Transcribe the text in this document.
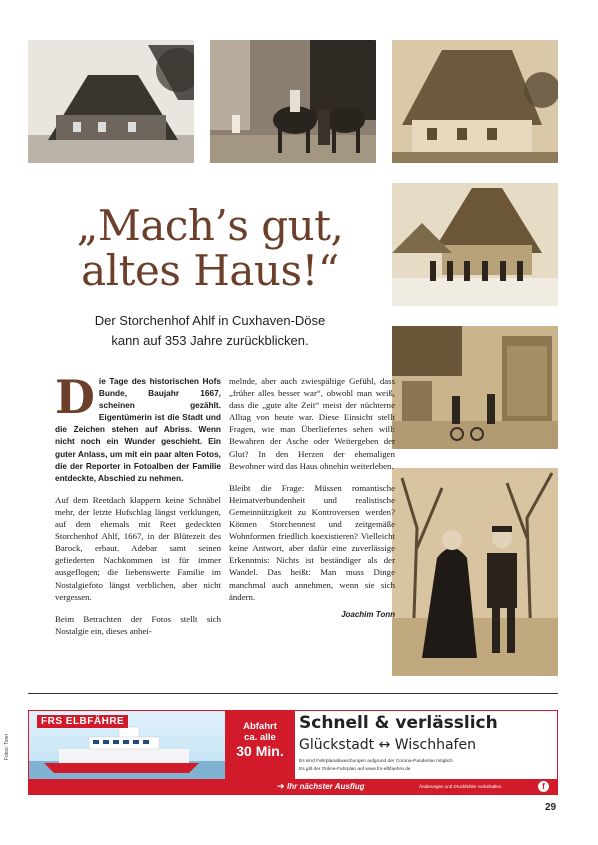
„Mach’s gut,
altes Haus!“
Der Storchenhof Ahlf in Cuxhaven-Döse
kann auf 353 Jahre zurückblicken.

Die Tage des historischen Hofs Bunde, Baujahr 1667, scheinen gezählt. Eigentümerin ist die Stadt und die Zeichen stehen auf Abriss. Wenn nicht noch ein Wunder geschieht. Ein guter Anlass, um mit ein paar alten Fotos, die der Reporter in Fotoalben der Familie entdeckte, Abschied zu nehmen.

Auf dem Reetdach klappern keine Schnäbel mehr, der letzte Hufschlag längst verklungen, auf dem ehemals mit Reet gedeckten Storchenhof Ahlf, 1667, in der Blütezeit des Barock, erbaut. Adebar samt seinen gefiederten Nachkommen ist für immer ausgeflogen; die liebenswerte Familie im Nostalgiefoto längst verblichen, aber nicht vergessen.

Beim Betrachten der Fotos stellt sich Nostalgie ein, dieses anhei-

melnde, aber auch zwiespältige Gefühl, dass „früher alles besser war“, obwohl man weiß, dass die „gute alte Zeit“ meist der nüchterne Alltag von heute war. Diese Einsicht stellt Fragen, wie man Überliefertes sehen will: Bewahren der Asche oder Weitergeben der Glut? In den Herzen der ehemaligen Bewohner wird das Haus ohnehin weiterleben.

Bleibt die Frage: Müssen romantische Heimatverbundenheit und realistische Gemeinnützigkeit zu Kontroversen werden? Können Storchennest und zeitgemäße Wohnformen friedlich koexistieren? Vielleicht keine Antwort, aber dafür eine zuverlässige Erkenntnis: Nichts ist beständiger als der Wandel. Das heißt: Man muss Dinge manchmal auch annehmen, wenn sie sich ändern.

Joachim Tonn
Fotos: Tonn
FRS ELBFÄHRE	Abfahrt
ca. alle
30 Min.
Schnell & verlässlich
Glückstadt ↔ Wischhafen
Es sind Fahrplanabweichungen aufgrund der Corona-Pandemie möglich.
Es gilt der Online-Fahrplan auf www.frs-elbfaehre.de
➜ Ihr nächster Ausflug	Änderungen und Druckfehler vorbehalten.	f
29
